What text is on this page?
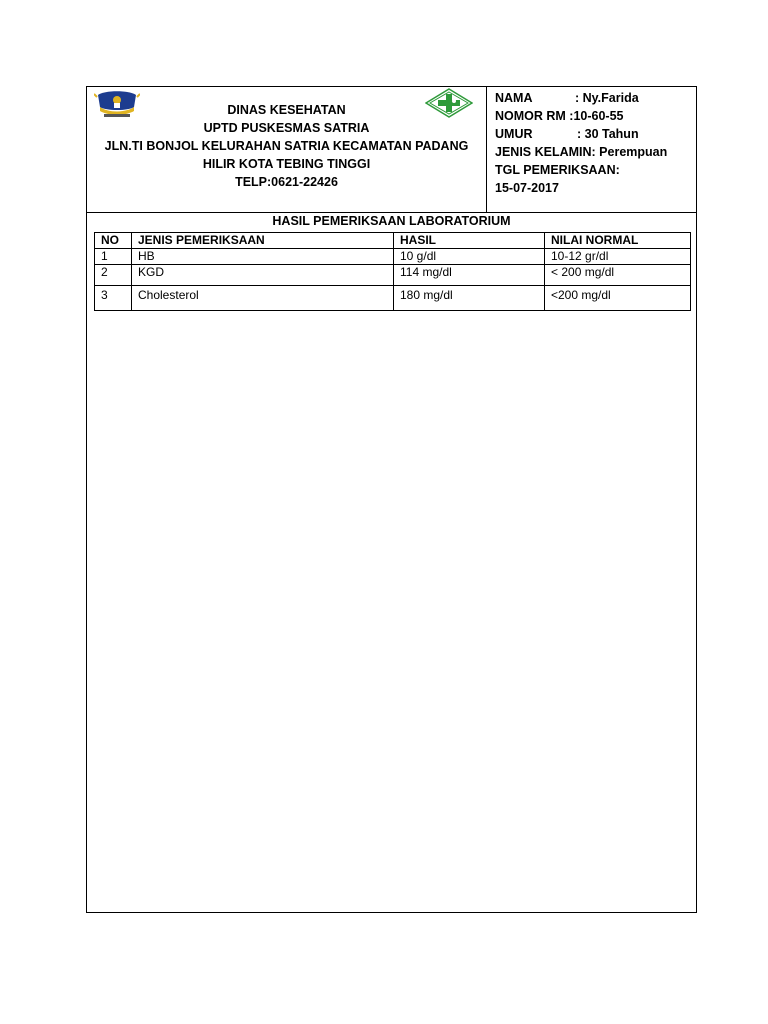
DINAS KESEHATAN
UPTD PUSKESMAS SATRIA
JLN.TI BONJOL KELURAHAN SATRIA KECAMATAN PADANG
HILIR KOTA TEBING TINGGI
TELP:0621-22426
NAMA	: Ny.Farida
NOMOR RM :10-60-55
UMUR	: 30 Tahun
JENIS KELAMIN: Perempuan
TGL PEMERIKSAAN:
15-07-2017
HASIL PEMERIKSAAN LABORATORIUM
NO	JENIS PEMERIKSAAN	HASIL	NILAI NORMAL
1	HB	10 g/dl	10-12 gr/dl
2	KGD	114 mg/dl	< 200 mg/dl
3	Cholesterol	180 mg/dl	<200 mg/dl
